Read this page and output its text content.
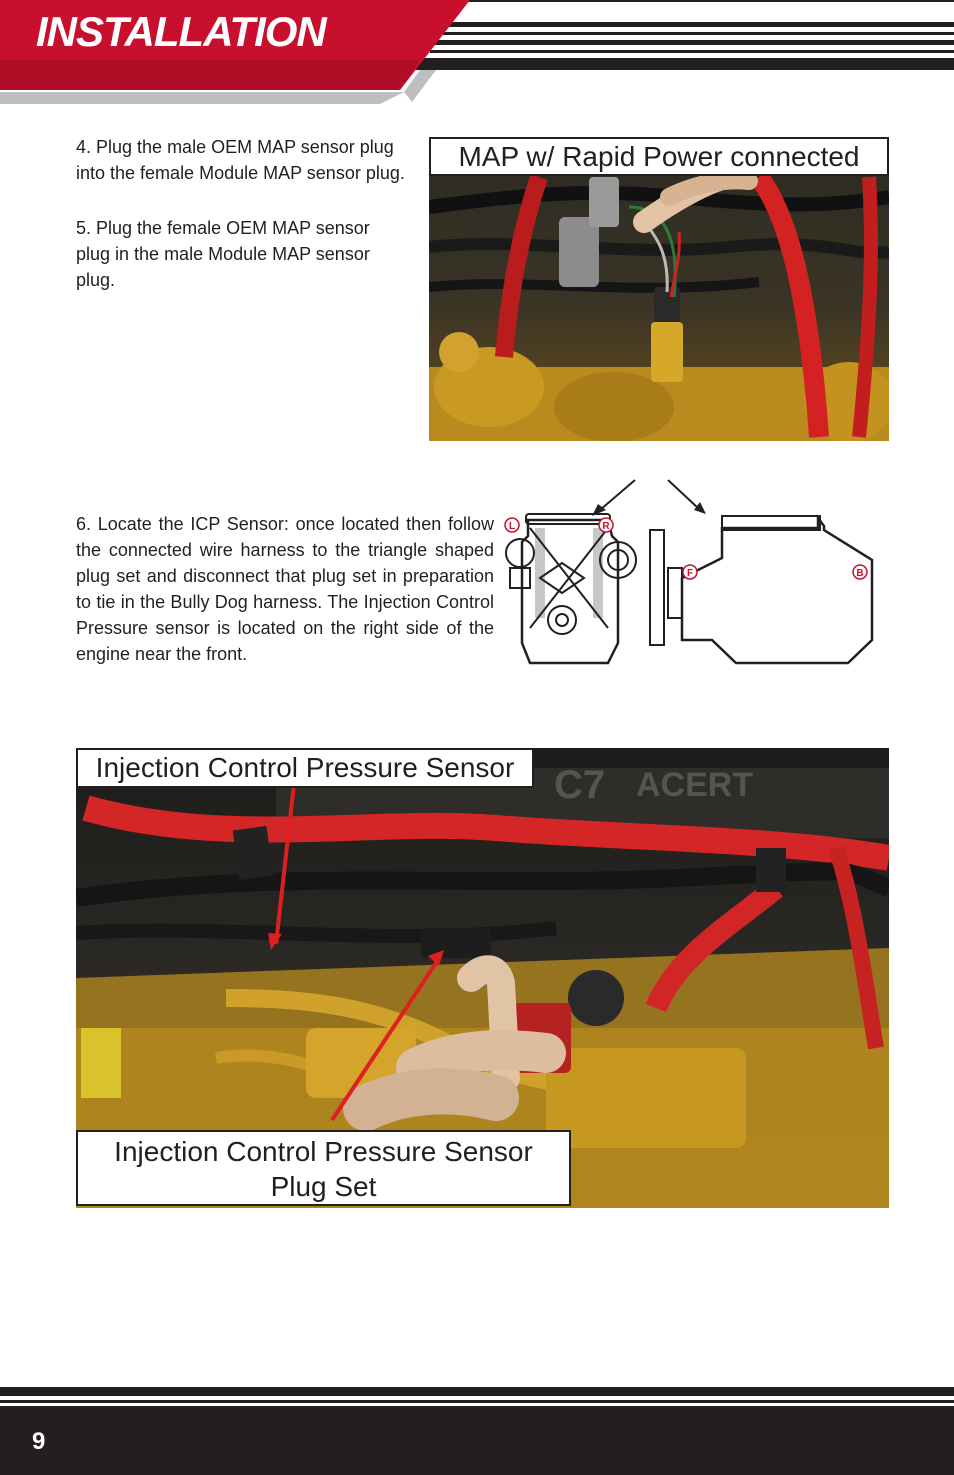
INSTALLATION
4. Plug the male OEM MAP sensor plug into the female Module MAP sensor plug.
5. Plug the female OEM MAP sensor plug in the male Module MAP sensor plug.
MAP w/ Rapid Power connected
6. Locate the ICP Sensor: once located then follow the connected wire harness to the triangle shaped plug set and disconnect that plug set in preparation to tie in the Bully Dog harness. The Injection Control Pressure sensor is located on the right side of the engine near the front.
L	R
F	B
C7 ACERT
Injection Control Pressure Sensor
Injection Control Pressure Sensor
Plug Set
9
